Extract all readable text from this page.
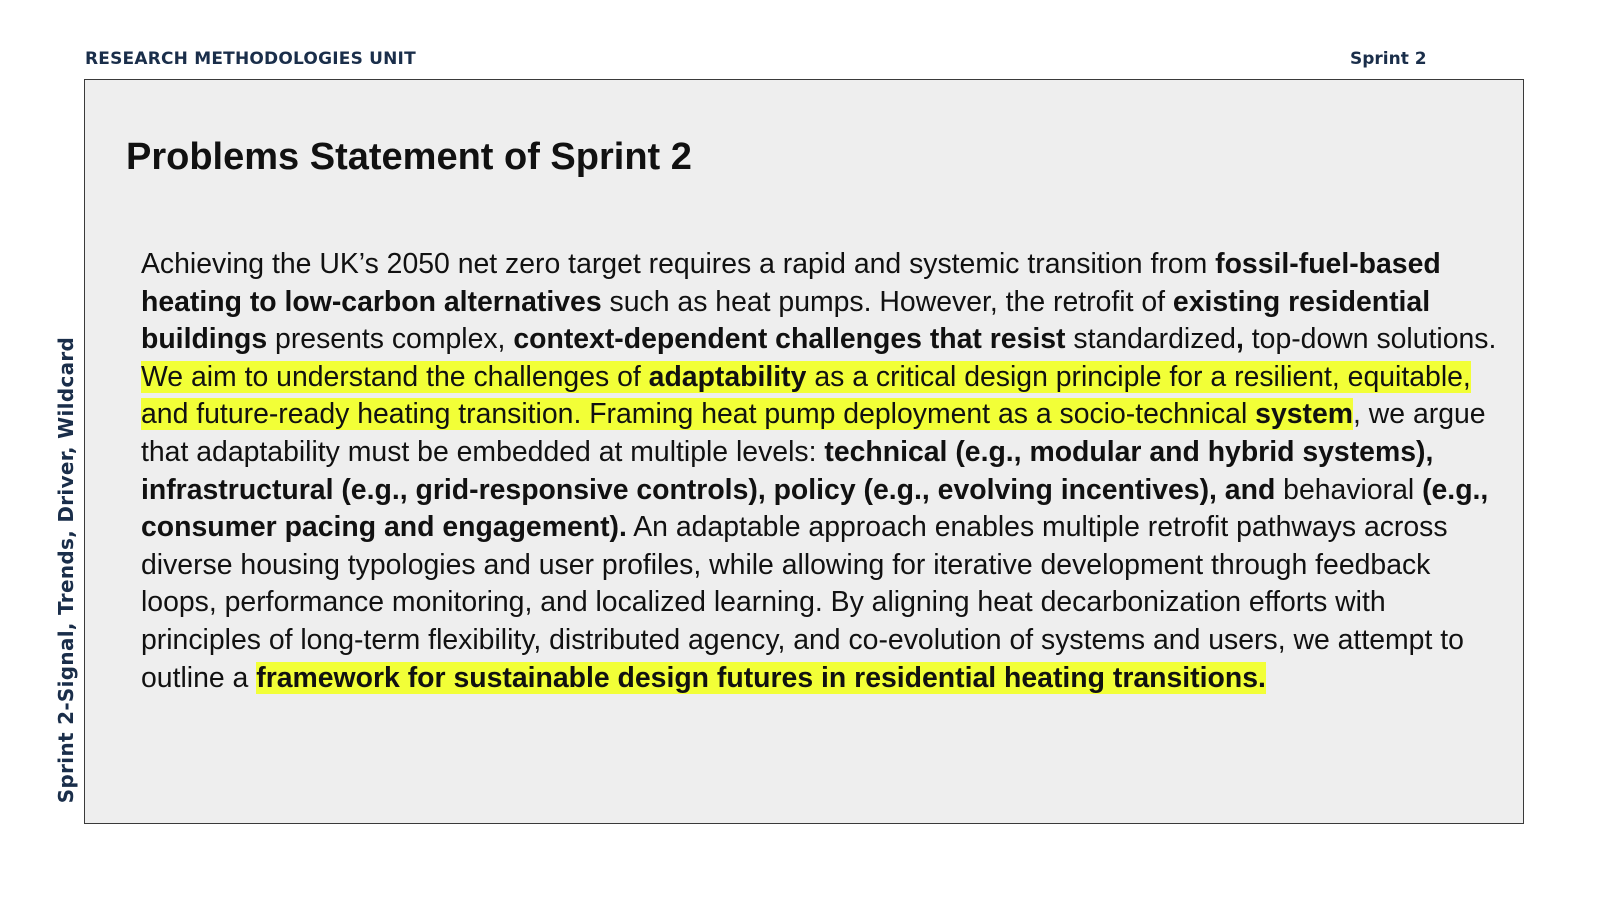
RESEARCH METHODOLOGIES UNIT	Sprint 2
Sprint 2-Signal, Trends, Driver, Wildcard
Problems Statement of Sprint 2

Achieving the UK’s 2050 net zero target requires a rapid and systemic transition from fossil-fuel-based heating to low-carbon alternatives such as heat pumps. However, the retrofit of existing residential buildings presents complex, context-dependent challenges that resist standardized, top-down solutions. We aim to understand the challenges of adaptability as a critical design principle for a resilient, equitable, and future-ready heating transition. Framing heat pump deployment as a socio-technical system, we argue that adaptability must be embedded at multiple levels: technical (e.g., modular and hybrid systems), infrastructural (e.g., grid-responsive controls), policy (e.g., evolving incentives), and behavioral (e.g., consumer pacing and engagement). An adaptable approach enables multiple retrofit pathways across diverse housing typologies and user profiles, while allowing for iterative development through feedback loops, performance monitoring, and localized learning. By aligning heat decarbonization efforts with principles of long-term flexibility, distributed agency, and co-evolution of systems and users, we attempt to outline a framework for sustainable design futures in residential heating transitions.
